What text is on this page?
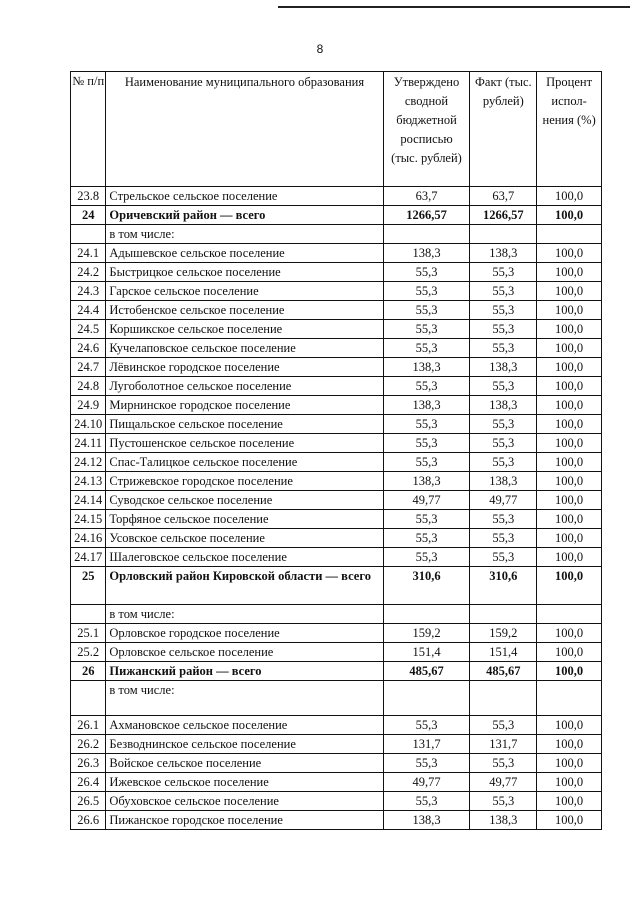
8
№ п/п	Наименование муниципального образования	Утверждено сводной бюджетной росписью (тыс. рублей)	Факт (тыс. рублей)	Процент испол-нения (%)
23.8	Стрельское сельское поселение	63,7	63,7	100,0
24	Оричевский район — всего	1266,57	1266,57	100,0
	в том числе:			
24.1	Адышевское сельское поселение	138,3	138,3	100,0
24.2	Быстрицкое сельское поселение	55,3	55,3	100,0
24.3	Гарское сельское поселение	55,3	55,3	100,0
24.4	Истобенское сельское поселение	55,3	55,3	100,0
24.5	Коршикское сельское поселение	55,3	55,3	100,0
24.6	Кучелаповское сельское поселение	55,3	55,3	100,0
24.7	Лёвинское городское поселение	138,3	138,3	100,0
24.8	Лугоболотное сельское поселение	55,3	55,3	100,0
24.9	Мирнинское городское поселение	138,3	138,3	100,0
24.10	Пищальское сельское поселение	55,3	55,3	100,0
24.11	Пустошенское сельское поселение	55,3	55,3	100,0
24.12	Спас-Талицкое сельское поселение	55,3	55,3	100,0
24.13	Стрижевское городское поселение	138,3	138,3	100,0
24.14	Суводское сельское поселение	49,77	49,77	100,0
24.15	Торфяное сельское поселение	55,3	55,3	100,0
24.16	Усовское сельское поселение	55,3	55,3	100,0
24.17	Шалеговское сельское поселение	55,3	55,3	100,0
25	Орловский район Кировской области — всего	310,6	310,6	100,0
	в том числе:			
25.1	Орловское городское поселение	159,2	159,2	100,0
25.2	Орловское сельское поселение	151,4	151,4	100,0
26	Пижанский район — всего	485,67	485,67	100,0
	в том числе:			
26.1	Ахмановское сельское поселение	55,3	55,3	100,0
26.2	Безводнинское сельское поселение	131,7	131,7	100,0
26.3	Войское сельское поселение	55,3	55,3	100,0
26.4	Ижевское сельское поселение	49,77	49,77	100,0
26.5	Обуховское сельское поселение	55,3	55,3	100,0
26.6	Пижанское городское поселение	138,3	138,3	100,0
